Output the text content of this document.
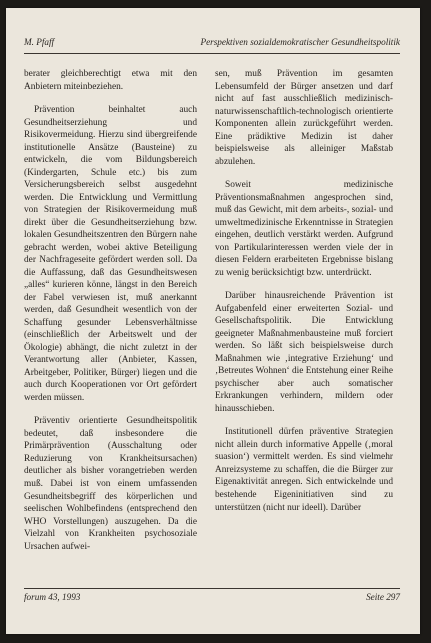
M. Pfaff	Perspektiven sozialdemokratischer Gesundheitspolitik

berater gleichberechtigt etwa mit den Anbietern miteinbeziehen.

Prävention beinhaltet auch Gesundheitserziehung und Risikovermeidung. Hierzu sind übergreifende institutionelle Ansätze (Bausteine) zu entwickeln, die vom Bildungsbereich (Kindergarten, Schule etc.) bis zum Versicherungsbereich selbst ausgedehnt werden. Die Entwicklung und Vermittlung von Strategien der Risikovermeidung muß direkt über die Gesundheitserziehung bzw. lokalen Gesundheitszentren den Bürgern nahe gebracht werden, wobei aktive Beteiligung der Nachfrageseite gefördert werden soll. Da die Auffassung, daß das Gesundheitswesen „alles“ kurieren könne, längst in den Bereich der Fabel verwiesen ist, muß anerkannt werden, daß Gesundheit wesentlich von der Schaffung gesunder Lebensverhältnisse (einschließlich der Arbeitswelt und der Ökologie) abhängt, die nicht zuletzt in der Verantwortung aller (Anbieter, Kassen, Arbeitgeber, Politiker, Bürger) liegen und die auch durch Kooperationen vor Ort gefördert werden müssen.

Präventiv orientierte Gesundheitspolitik bedeutet, daß insbesondere die Primärprävention (Ausschaltung oder Reduzierung von Krankheitsursachen) deutlicher als bisher vorangetrieben werden muß. Dabei ist von einem umfassenden Gesundheitsbegriff des körperlichen und seelischen Wohlbefindens (entsprechend den WHO Vorstellungen) auszugehen. Da die Vielzahl von Krankheiten psychosoziale Ursachen aufwei-

sen, muß Prävention im gesamten Lebensumfeld der Bürger ansetzen und darf nicht auf fast ausschließlich medizinisch-naturwissenschaftlich-technologisch orientierte Komponenten allein zurückgeführt werden. Eine prädiktive Medizin ist daher beispielsweise als alleiniger Maßstab abzulehen.

Soweit medizinische Präventionsmaßnahmen angesprochen sind, muß das Gewicht, mit dem arbeits-, sozial- und umweltmedizinische Erkenntnisse in Strategien eingehen, deutlich verstärkt werden. Aufgrund von Partikularinteressen werden viele der in diesen Feldern erarbeiteten Ergebnisse bislang zu wenig berücksichtigt bzw. unterdrückt.

Darüber hinausreichende Prävention ist Aufgabenfeld einer erweiterten Sozial- und Gesellschaftspolitik. Die Entwicklung geeigneter Maßnahmenbausteine muß forciert werden. So läßt sich beispielsweise durch Maßnahmen wie ‚integrative Erziehung‘ und ‚Betreutes Wohnen‘ die Entstehung einer Reihe psychischer aber auch somatischer Erkrankungen verhindern, mildern oder hinausschieben.

Institutionell dürfen präventive Strategien nicht allein durch informative Appelle (‚moral suasion‘) vermittelt werden. Es sind vielmehr Anreizsysteme zu schaffen, die die Bürger zur Eigenaktivität anregen. Sich entwickelnde und bestehende Eigeninitiativen sind zu unterstützen (nicht nur ideell). Darüber

forum 43, 1993	Seite 297
